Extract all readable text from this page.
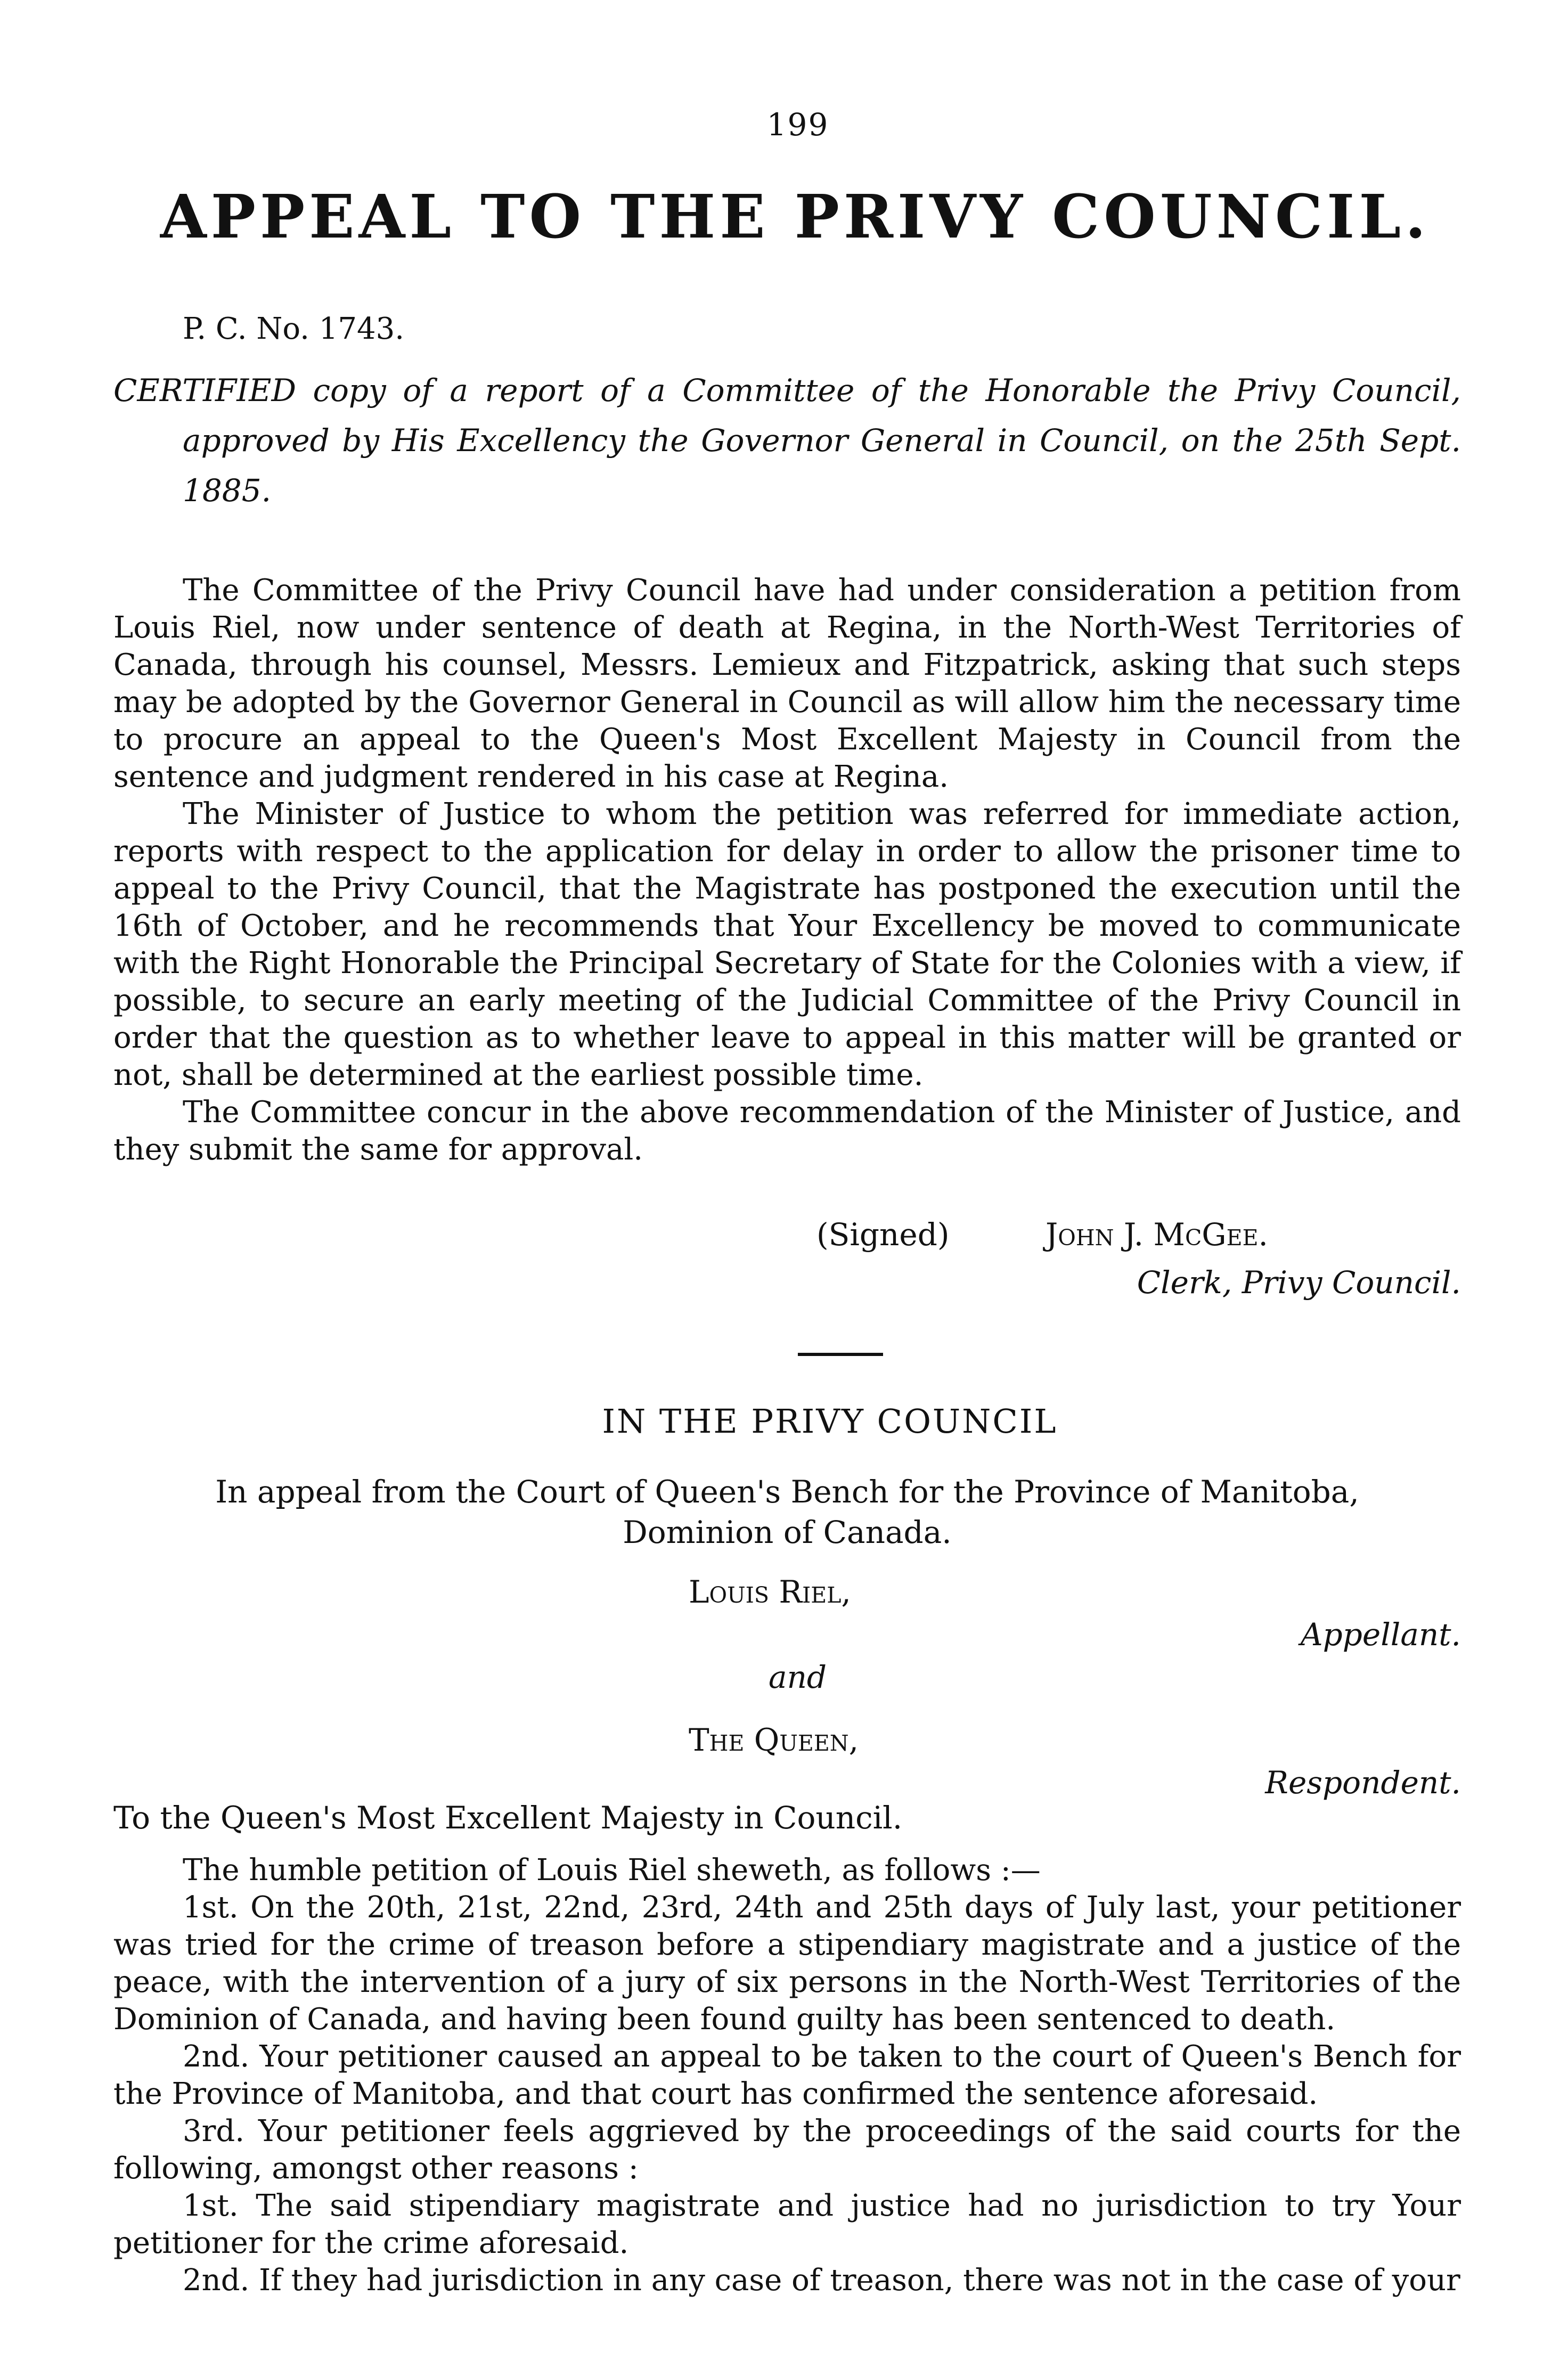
199
APPEAL TO THE PRIVY COUNCIL.
P. C. No. 1743.
CERTIFIED copy of a report of a Committee of the Honorable the Privy Council,
approved by His Excellency the Governor General in Council, on the 25th Sept. 1885.
The Committee of the Privy Council have had under consideration a petition from Louis Riel, now under sentence of death at Regina, in the North-West Territories of Canada, through his counsel, Messrs. Lemieux and Fitzpatrick, asking that such steps may be adopted by the Governor General in Council as will allow him the necessary time to procure an appeal to the Queen's Most Excellent Majesty in Council from the sentence and judgment rendered in his case at Regina.
The Minister of Justice to whom the petition was referred for immediate action, reports with respect to the application for delay in order to allow the prisoner time to appeal to the Privy Council, that the Magistrate has postponed the execution until the 16th of October, and he recommends that Your Excellency be moved to communicate with the Right Honorable the Principal Secretary of State for the Colonies with a view, if possible, to secure an early meeting of the Judicial Committee of the Privy Council in order that the question as to whether leave to appeal in this matter will be granted or not, shall be determined at the earliest possible time.
The Committee concur in the above recommendation of the Minister of Justice, and they submit the same for approval.
(Signed)	John J. McGee.
Clerk, Privy Council.
IN THE PRIVY COUNCIL
In appeal from the Court of Queen's Bench for the Province of Manitoba,
Dominion of Canada.
Louis Riel,
Appellant.
and
The Queen,
Respondent.
To the Queen's Most Excellent Majesty in Council.
The humble petition of Louis Riel sheweth, as follows :—
1st. On the 20th, 21st, 22nd, 23rd, 24th and 25th days of July last, your petitioner was tried for the crime of treason before a stipendiary magistrate and a justice of the peace, with the intervention of a jury of six persons in the North-West Territories of the Dominion of Canada, and having been found guilty has been sentenced to death.
2nd. Your petitioner caused an appeal to be taken to the court of Queen's Bench for the Province of Manitoba, and that court has confirmed the sentence aforesaid.
3rd. Your petitioner feels aggrieved by the proceedings of the said courts for the following, amongst other reasons :
1st. The said stipendiary magistrate and justice had no jurisdiction to try Your petitioner for the crime aforesaid.
2nd. If they had jurisdiction in any case of treason, there was not in the case of your
